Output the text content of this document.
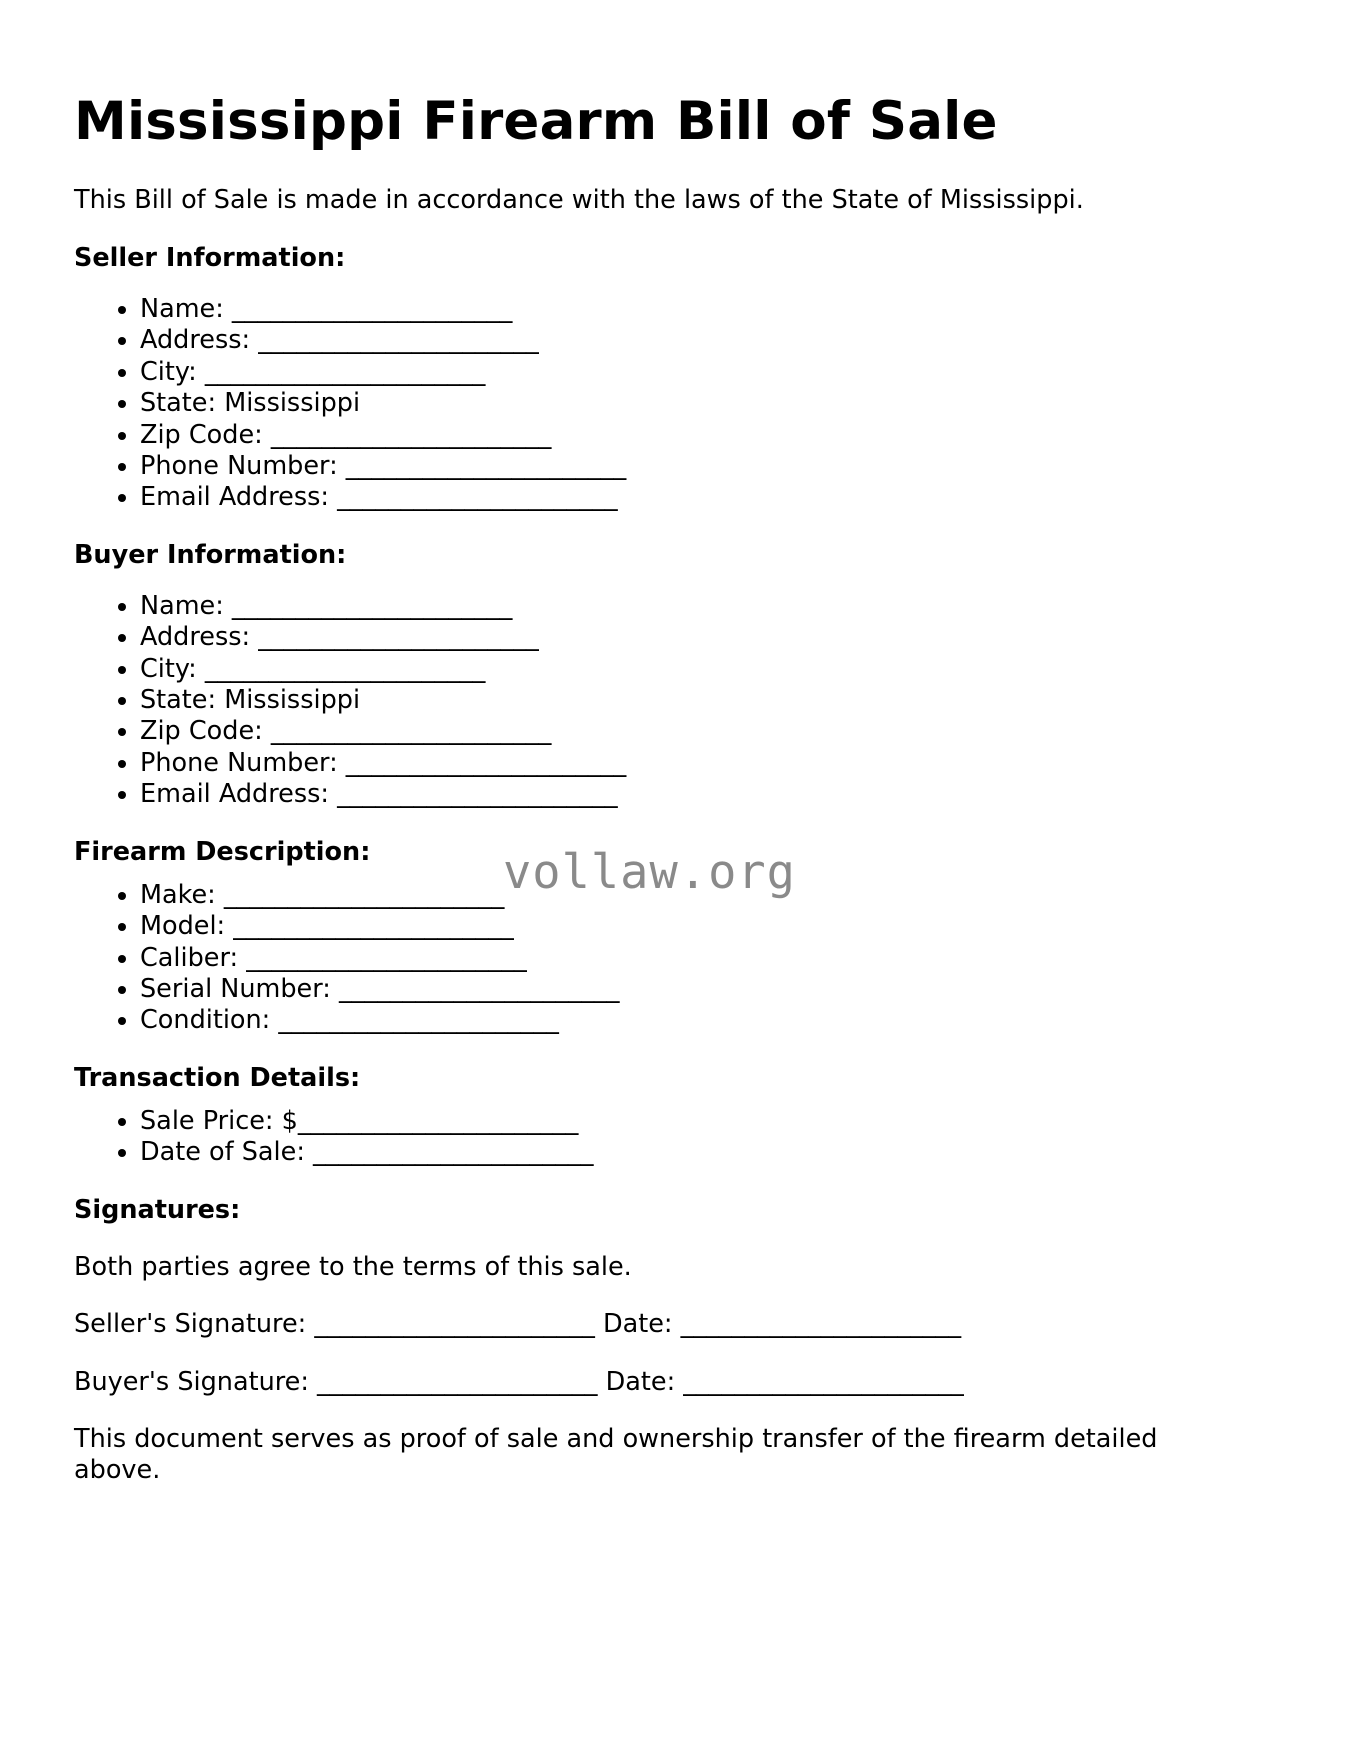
Mississippi Firearm Bill of Sale

This Bill of Sale is made in accordance with the laws of the State of Mississippi.

Seller Information:
• Name: ______________________
• Address: ______________________
• City: ______________________
• State: Mississippi
• Zip Code: ______________________
• Phone Number: ______________________
• Email Address: ______________________
Buyer Information:
• Name: ______________________
• Address: ______________________
• City: ______________________
• State: Mississippi
• Zip Code: ______________________
• Phone Number: ______________________
• Email Address: ______________________
Firearm Description:
• Make: ______________________
• Model: ______________________
• Caliber: ______________________
• Serial Number: ______________________
• Condition: ______________________
Transaction Details:
• Sale Price: $______________________
• Date of Sale: ______________________
Signatures:

Both parties agree to the terms of this sale.

Seller's Signature: ______________________ Date: ______________________

Buyer's Signature: ______________________ Date: ______________________

This document serves as proof of sale and ownership transfer of the firearm detailed above.

vollaw.org
